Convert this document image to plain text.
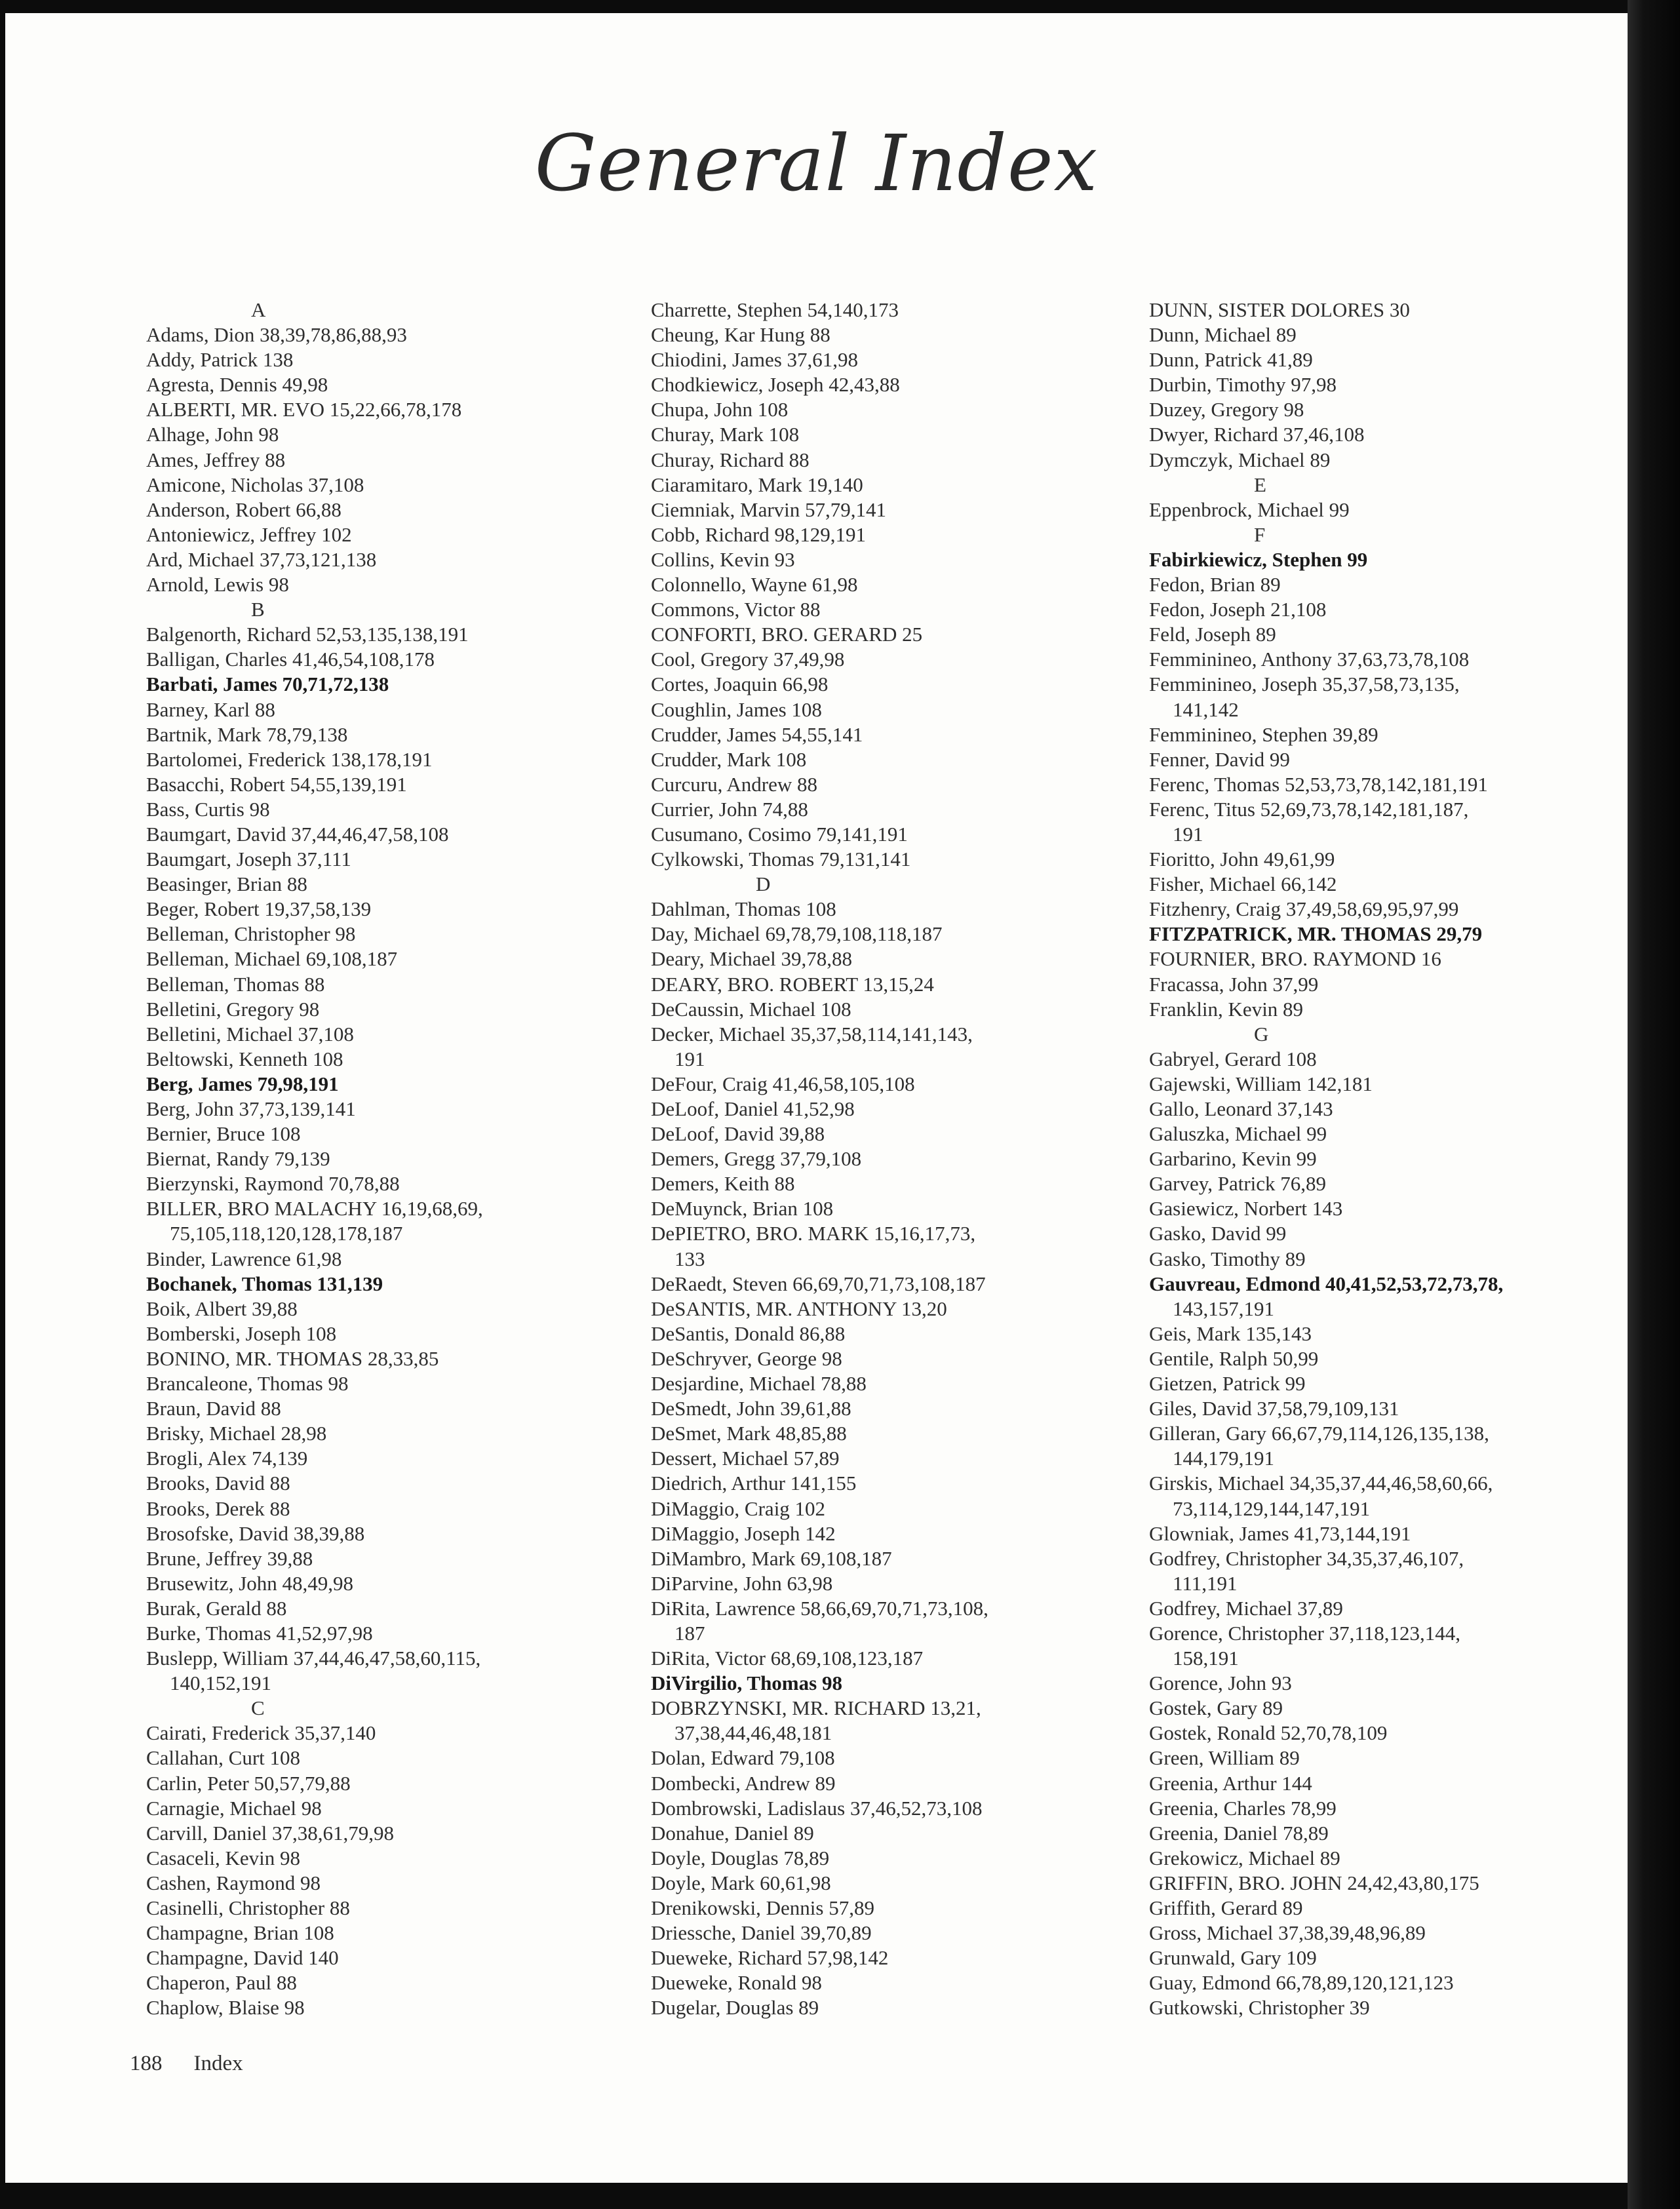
General Index
A
Adams, Dion 38,39,78,86,88,93
Addy, Patrick 138
Agresta, Dennis 49,98
ALBERTI, MR. EVO 15,22,66,78,178
Alhage, John 98
Ames, Jeffrey 88
Amicone, Nicholas 37,108
Anderson, Robert 66,88
Antoniewicz, Jeffrey 102
Ard, Michael 37,73,121,138
Arnold, Lewis 98
B
Balgenorth, Richard 52,53,135,138,191
Balligan, Charles 41,46,54,108,178
Barbati, James 70,71,72,138
Barney, Karl 88
Bartnik, Mark 78,79,138
Bartolomei, Frederick 138,178,191
Basacchi, Robert 54,55,139,191
Bass, Curtis 98
Baumgart, David 37,44,46,47,58,108
Baumgart, Joseph 37,111
Beasinger, Brian 88
Beger, Robert 19,37,58,139
Belleman, Christopher 98
Belleman, Michael 69,108,187
Belleman, Thomas 88
Belletini, Gregory 98
Belletini, Michael 37,108
Beltowski, Kenneth 108
Berg, James 79,98,191
Berg, John 37,73,139,141
Bernier, Bruce 108
Biernat, Randy 79,139
Bierzynski, Raymond 70,78,88
BILLER, BRO MALACHY 16,19,68,69,
75,105,118,120,128,178,187
Binder, Lawrence 61,98
Bochanek, Thomas 131,139
Boik, Albert 39,88
Bomberski, Joseph 108
BONINO, MR. THOMAS 28,33,85
Brancaleone, Thomas 98
Braun, David 88
Brisky, Michael 28,98
Brogli, Alex 74,139
Brooks, David 88
Brooks, Derek 88
Brosofske, David 38,39,88
Brune, Jeffrey 39,88
Brusewitz, John 48,49,98
Burak, Gerald 88
Burke, Thomas 41,52,97,98
Buslepp, William 37,44,46,47,58,60,115,
140,152,191
C
Cairati, Frederick 35,37,140
Callahan, Curt 108
Carlin, Peter 50,57,79,88
Carnagie, Michael 98
Carvill, Daniel 37,38,61,79,98
Casaceli, Kevin 98
Cashen, Raymond 98
Casinelli, Christopher 88
Champagne, Brian 108
Champagne, David 140
Chaperon, Paul 88
Chaplow, Blaise 98
Charrette, Stephen 54,140,173
Cheung, Kar Hung 88
Chiodini, James 37,61,98
Chodkiewicz, Joseph 42,43,88
Chupa, John 108
Churay, Mark 108
Churay, Richard 88
Ciaramitaro, Mark 19,140
Ciemniak, Marvin 57,79,141
Cobb, Richard 98,129,191
Collins, Kevin 93
Colonnello, Wayne 61,98
Commons, Victor 88
CONFORTI, BRO. GERARD 25
Cool, Gregory 37,49,98
Cortes, Joaquin 66,98
Coughlin, James 108
Crudder, James 54,55,141
Crudder, Mark 108
Curcuru, Andrew 88
Currier, John 74,88
Cusumano, Cosimo 79,141,191
Cylkowski, Thomas 79,131,141
D
Dahlman, Thomas 108
Day, Michael 69,78,79,108,118,187
Deary, Michael 39,78,88
DEARY, BRO. ROBERT 13,15,24
DeCaussin, Michael 108
Decker, Michael 35,37,58,114,141,143,
191
DeFour, Craig 41,46,58,105,108
DeLoof, Daniel 41,52,98
DeLoof, David 39,88
Demers, Gregg 37,79,108
Demers, Keith 88
DeMuynck, Brian 108
DePIETRO, BRO. MARK 15,16,17,73,
133
DeRaedt, Steven 66,69,70,71,73,108,187
DeSANTIS, MR. ANTHONY 13,20
DeSantis, Donald 86,88
DeSchryver, George 98
Desjardine, Michael 78,88
DeSmedt, John 39,61,88
DeSmet, Mark 48,85,88
Dessert, Michael 57,89
Diedrich, Arthur 141,155
DiMaggio, Craig 102
DiMaggio, Joseph 142
DiMambro, Mark 69,108,187
DiParvine, John 63,98
DiRita, Lawrence 58,66,69,70,71,73,108,
187
DiRita, Victor 68,69,108,123,187
DiVirgilio, Thomas 98
DOBRZYNSKI, MR. RICHARD 13,21,
37,38,44,46,48,181
Dolan, Edward 79,108
Dombecki, Andrew 89
Dombrowski, Ladislaus 37,46,52,73,108
Donahue, Daniel 89
Doyle, Douglas 78,89
Doyle, Mark 60,61,98
Drenikowski, Dennis 57,89
Driessche, Daniel 39,70,89
Dueweke, Richard 57,98,142
Dueweke, Ronald 98
Dugelar, Douglas 89
DUNN, SISTER DOLORES 30
Dunn, Michael 89
Dunn, Patrick 41,89
Durbin, Timothy 97,98
Duzey, Gregory 98
Dwyer, Richard 37,46,108
Dymczyk, Michael 89
E
Eppenbrock, Michael 99
F
Fabirkiewicz, Stephen 99
Fedon, Brian 89
Fedon, Joseph 21,108
Feld, Joseph 89
Femminineo, Anthony 37,63,73,78,108
Femminineo, Joseph 35,37,58,73,135,
141,142
Femminineo, Stephen 39,89
Fenner, David 99
Ferenc, Thomas 52,53,73,78,142,181,191
Ferenc, Titus 52,69,73,78,142,181,187,
191
Fioritto, John 49,61,99
Fisher, Michael 66,142
Fitzhenry, Craig 37,49,58,69,95,97,99
FITZPATRICK, MR. THOMAS 29,79
FOURNIER, BRO. RAYMOND 16
Fracassa, John 37,99
Franklin, Kevin 89
G
Gabryel, Gerard 108
Gajewski, William 142,181
Gallo, Leonard 37,143
Galuszka, Michael 99
Garbarino, Kevin 99
Garvey, Patrick 76,89
Gasiewicz, Norbert 143
Gasko, David 99
Gasko, Timothy 89
Gauvreau, Edmond 40,41,52,53,72,73,78,
143,157,191
Geis, Mark 135,143
Gentile, Ralph 50,99
Gietzen, Patrick 99
Giles, David 37,58,79,109,131
Gilleran, Gary 66,67,79,114,126,135,138,
144,179,191
Girskis, Michael 34,35,37,44,46,58,60,66,
73,114,129,144,147,191
Glowniak, James 41,73,144,191
Godfrey, Christopher 34,35,37,46,107,
111,191
Godfrey, Michael 37,89
Gorence, Christopher 37,118,123,144,
158,191
Gorence, John 93
Gostek, Gary 89
Gostek, Ronald 52,70,78,109
Green, William 89
Greenia, Arthur 144
Greenia, Charles 78,99
Greenia, Daniel 78,89
Grekowicz, Michael 89
GRIFFIN, BRO. JOHN 24,42,43,80,175
Griffith, Gerard 89
Gross, Michael 37,38,39,48,96,89
Grunwald, Gary 109
Guay, Edmond 66,78,89,120,121,123
Gutkowski, Christopher 39
188 Index
